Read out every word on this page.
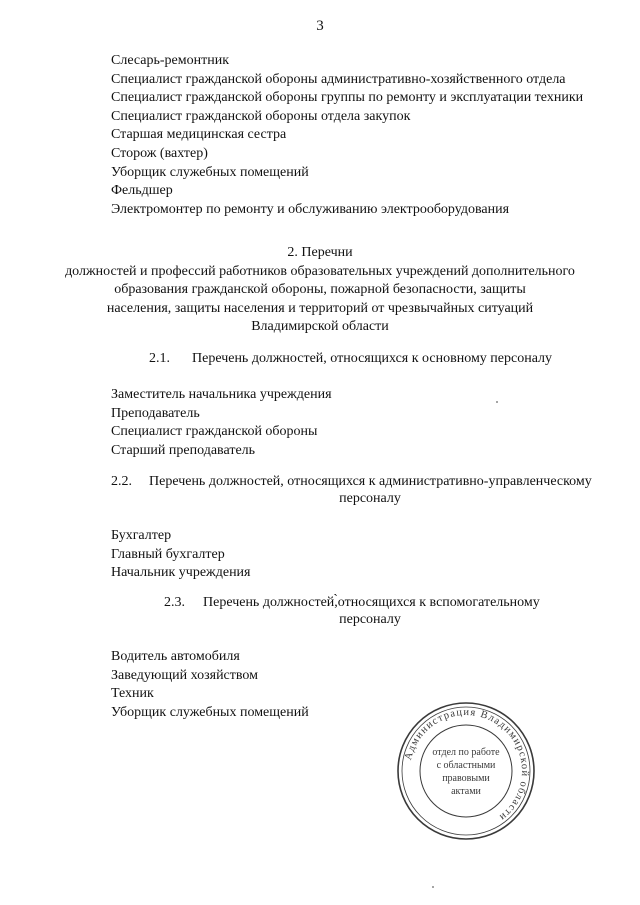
3
Слесарь-ремонтник
Специалист гражданской обороны административно-хозяйственного отдела
Специалист гражданской обороны группы по ремонту и эксплуатации техники
Специалист гражданской обороны отдела закупок
Старшая медицинская сестра
Сторож (вахтер)
Уборщик служебных помещений
Фельдшер
Электромонтер по ремонту и обслуживанию электрооборудования
2. Перечни
должностей и профессий работников образовательных учреждений дополнительного
образования гражданской обороны, пожарной безопасности, защиты
населения, защиты населения и территорий от чрезвычайных ситуаций
Владимирской области
2.1. Перечень должностей, относящихся к основному персоналу
Заместитель начальника учреждения
Преподаватель
Специалист гражданской обороны
Старший преподаватель
2.2. Перечень должностей, относящихся к административно-управленческому
персоналу
Бухгалтер
Главный бухгалтер
Начальник учреждения
2.3. Перечень должностей,̀относящихся к вспомогательному
персоналу
Водитель автомобиля
Заведующий хозяйством
Техник
Уборщик служебных помещений
Администрация Владимирской области
отдел по работе
с областными
правовыми
актами
